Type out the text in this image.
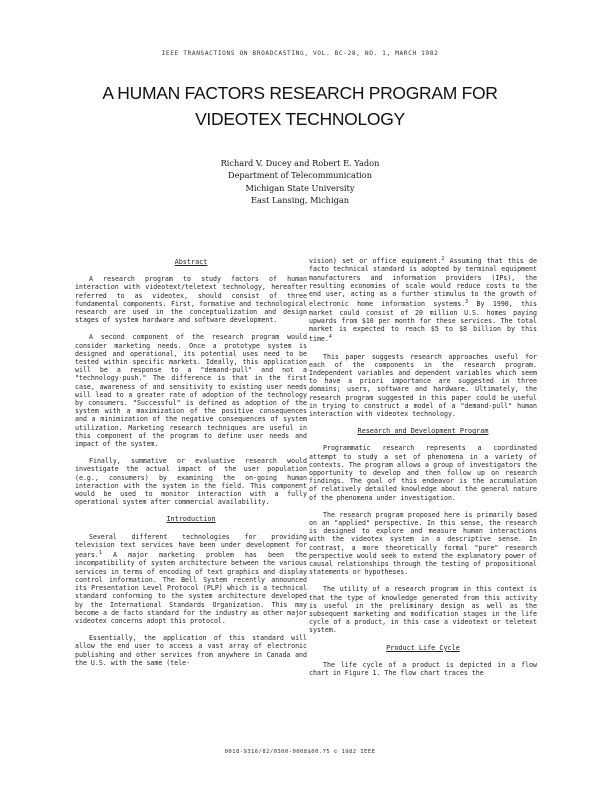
IEEE TRANSACTIONS ON BROADCASTING, VOL. BC-28, NO. 1, MARCH 1982
A HUMAN FACTORS RESEARCH PROGRAM FOR
VIDEOTEX TECHNOLOGY
Richard V. Ducey and Robert E. Yadon
Department of Telecommunication
Michigan State University
East Lansing, Michigan

Abstract

A research program to study factors of human interaction with videotext/teletext technology, hereafter referred to as videotex, should consist of three fundamental components. First, formative and technological research are used in the conceptualization and design stages of system hardware and software development.

A second component of the research program would consider marketing needs. Once a prototype system is designed and operational, its potential uses need to be tested within specific markets. Ideally, this application will be a response to a "demand-pull" and not a "technology-push." The difference is that in the first case, awareness of and sensitivity to existing user needs will lead to a greater rate of adoption of the technology by consumers. "Successful" is defined as adoption of the system with a maximization of the positive consequences and a minimization of the negative consequences of system utilization. Marketing research techniques are useful in this component of the program to define user needs and impact of the system.

Finally, summative or evaluative research would investigate the actual impact of the user population (e.g., consumers) by examining the on-going human interaction with the system in the field. This component would be used to monitor interaction with a fully operational system after commercial availability.

Introduction

Several different technologies for providing television text services have been under development for years.$^1$ A major marketing problem has been the incompatibility of system architecture between the various services in terms of encoding of text graphics and display control information. The Bell System recently announced its Presentation Level Protocol (PLP) which is a technical standard conforming to the system architecture developed by the International Standards Organization. This may become a de facto standard for the industry as other major videotex concerns adopt this protocol.

Essentially, the application of this standard will allow the end user to access a vast array of electronic publishing and other services from anywhere in Canada and the U.S. with the same (tele-

vision) set or office equipment.$^2$ Assuming that this de facto technical standard is adopted by terminal equipment manufacturers and information providers (IPs), the resulting economies of scale would reduce costs to the end user, acting as a further stimulus to the growth of electronic home information systems.$^3$ By 1990, this market could consist of 20 million U.S. homes paying upwards from $10 per month for these services. The total market is expected to reach $5 to $8 billion by this time.$^4$

This paper suggests research approaches useful for each of the components in the research program. Independent variables and dependent variables which seem to have a priori importance are suggested in three domains; users, software and hardware. Ultimately, the research program suggested in this paper could be useful in trying to construct a model of a "demand-pull" human interaction with videotex technology.

Research and Development Program

Programmatic research represents a coordinated attempt to study a set of phenomena in a variety of contexts. The program allows a group of investigators the opportunity to develop and then follow up on research findings. The goal of this endeavor is the accumulation of relatively detailed knowledge about the general nature of the phenomena under investigation.

The research program proposed here is primarily based on an "applied" perspective. In this sense, the research is designed to explore and measure human interactions with the videotex system in a descriptive sense. In contrast, a more theoretically formal "pure" research perspective would seek to extend the explanatory power of causal relationships through the testing of propositional statements or hypotheses.

The utility of a research program in this context is that the type of knowledge generated from this activity is useful in the preliminary design as well as the subsequent marketing and modification stages in the life cycle of a product, in this case a videotext or teletext system.

Product Life Cycle

The life cycle of a product is depicted in a flow chart in Figure 1. The flow chart traces the

0018-9316/82/0300-0008$00.75 © 1982 IEEE
